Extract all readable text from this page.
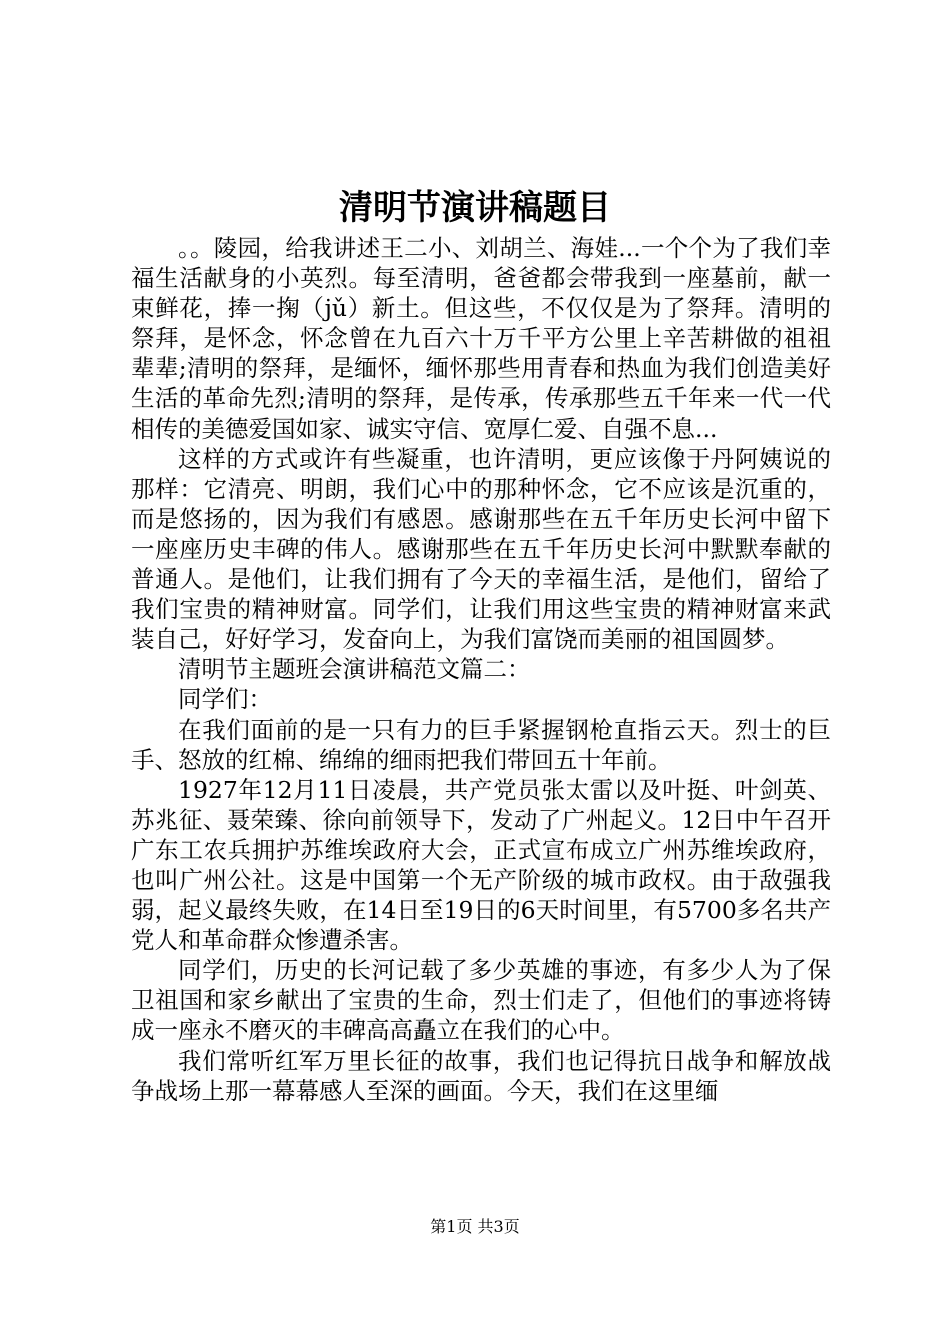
清明节演讲稿题目

。。陵园，给我讲述王二小、刘胡兰、海娃...一个个为了我们幸福生活献身的小英烈。每至清明，爸爸都会带我到一座墓前，献一束鲜花，捧一掬（jǔ）新土。但这些，不仅仅是为了祭拜。清明的祭拜，是怀念，怀念曾在九百六十万千平方公里上辛苦耕做的祖祖辈辈;清明的祭拜，是缅怀，缅怀那些用青春和热血为我们创造美好生活的革命先烈;清明的祭拜，是传承，传承那些五千年来一代一代相传的美德爱国如家、诚实守信、宽厚仁爱、自强不息...

这样的方式或许有些凝重，也许清明，更应该像于丹阿姨说的那样：它清亮、明朗，我们心中的那种怀念，它不应该是沉重的，而是悠扬的，因为我们有感恩。感谢那些在五千年历史长河中留下一座座历史丰碑的伟人。感谢那些在五千年历史长河中默默奉献的普通人。是他们，让我们拥有了今天的幸福生活，是他们，留给了我们宝贵的精神财富。同学们，让我们用这些宝贵的精神财富来武装自己，好好学习，发奋向上，为我们富饶而美丽的祖国圆梦。

清明节主题班会演讲稿范文篇二：

同学们：

在我们面前的是一只有力的巨手紧握钢枪直指云天。烈士的巨手、怒放的红棉、绵绵的细雨把我们带回五十年前。

1927年12月11日凌晨，共产党员张太雷以及叶挺、叶剑英、苏兆征、聂荣臻、徐向前领导下，发动了广州起义。12日中午召开广东工农兵拥护苏维埃政府大会，正式宣布成立广州苏维埃政府，也叫广州公社。这是中国第一个无产阶级的城市政权。由于敌强我弱，起义最终失败，在14日至19日的6天时间里，有5700多名共产党人和革命群众惨遭杀害。

同学们，历史的长河记载了多少英雄的事迹，有多少人为了保卫祖国和家乡献出了宝贵的生命，烈士们走了，但他们的事迹将铸成一座永不磨灭的丰碑高高矗立在我们的心中。

我们常听红军万里长征的故事，我们也记得抗日战争和解放战争战场上那一幕幕感人至深的画面。今天，我们在这里缅

第1页 共3页
